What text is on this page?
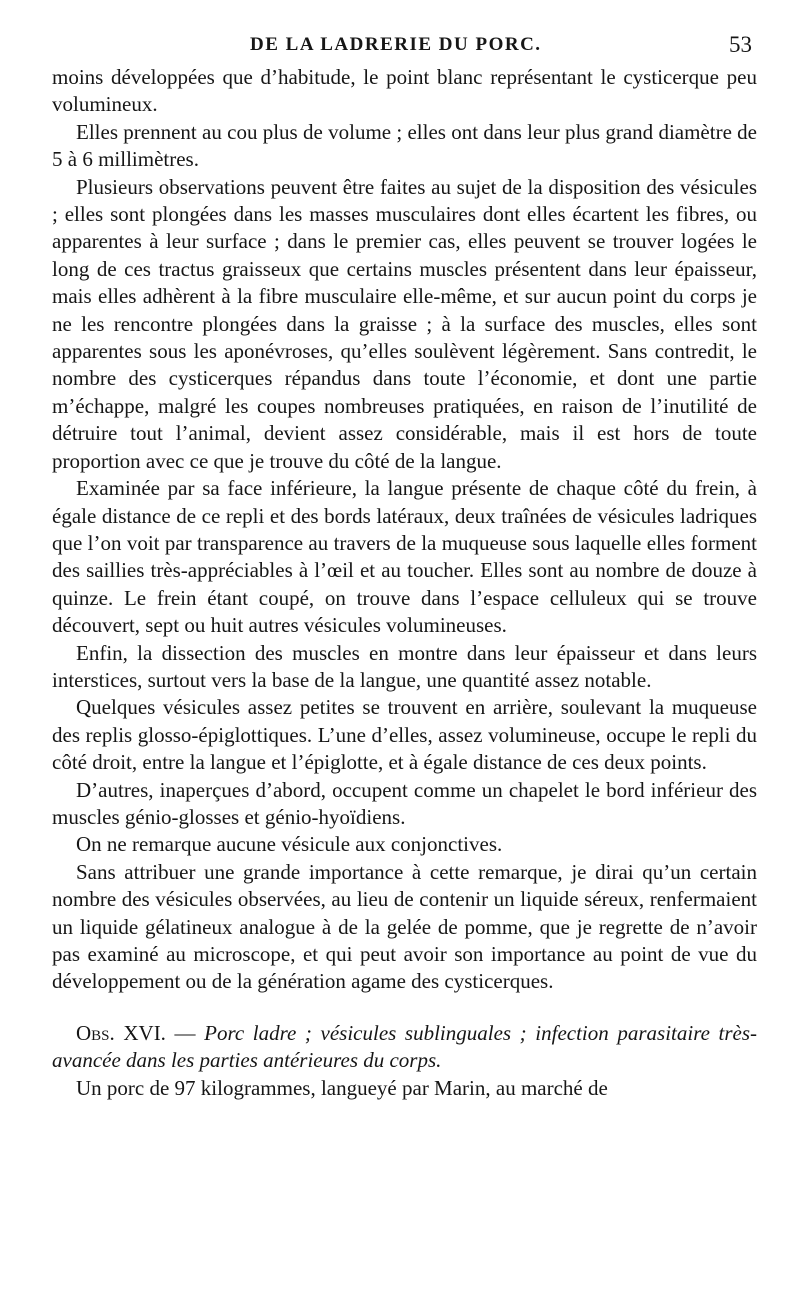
DE LA LADRERIE DU PORC.	53

moins développées que d’habitude, le point blanc représentant le cysticerque peu volumineux.

Elles prennent au cou plus de volume ; elles ont dans leur plus grand diamètre de 5 à 6 millimètres.

Plusieurs observations peuvent être faites au sujet de la disposition des vésicules ; elles sont plongées dans les masses musculaires dont elles écartent les fibres, ou apparentes à leur surface ; dans le premier cas, elles peuvent se trouver logées le long de ces tractus graisseux que certains muscles présentent dans leur épaisseur, mais elles adhèrent à la fibre musculaire elle-même, et sur aucun point du corps je ne les rencontre plongées dans la graisse ; à la surface des muscles, elles sont apparentes sous les aponévroses, qu’elles soulèvent légèrement. Sans contredit, le nombre des cysticerques répandus dans toute l’économie, et dont une partie m’échappe, malgré les coupes nombreuses pratiquées, en raison de l’inutilité de détruire tout l’animal, devient assez considérable, mais il est hors de toute proportion avec ce que je trouve du côté de la langue.

Examinée par sa face inférieure, la langue présente de chaque côté du frein, à égale distance de ce repli et des bords latéraux, deux traînées de vésicules ladriques que l’on voit par transparence au travers de la muqueuse sous laquelle elles forment des saillies très-appréciables à l’œil et au toucher. Elles sont au nombre de douze à quinze. Le frein étant coupé, on trouve dans l’espace celluleux qui se trouve découvert, sept ou huit autres vésicules volumineuses.

Enfin, la dissection des muscles en montre dans leur épaisseur et dans leurs interstices, surtout vers la base de la langue, une quantité assez notable.

Quelques vésicules assez petites se trouvent en arrière, soulevant la muqueuse des replis glosso-épiglottiques. L’une d’elles, assez volumineuse, occupe le repli du côté droit, entre la langue et l’épiglotte, et à égale distance de ces deux points.

D’autres, inaperçues d’abord, occupent comme un chapelet le bord inférieur des muscles génio-glosses et génio-hyoïdiens.

On ne remarque aucune vésicule aux conjonctives.

Sans attribuer une grande importance à cette remarque, je dirai qu’un certain nombre des vésicules observées, au lieu de contenir un liquide séreux, renfermaient un liquide gélatineux analogue à de la gelée de pomme, que je regrette de n’avoir pas examiné au microscope, et qui peut avoir son importance au point de vue du développement ou de la génération agame des cysticerques.

Obs. XVI. — Porc ladre ; vésicules sublinguales ; infection parasitaire très-avancée dans les parties antérieures du corps.

Un porc de 97 kilogrammes, langueyé par Marin, au marché de
